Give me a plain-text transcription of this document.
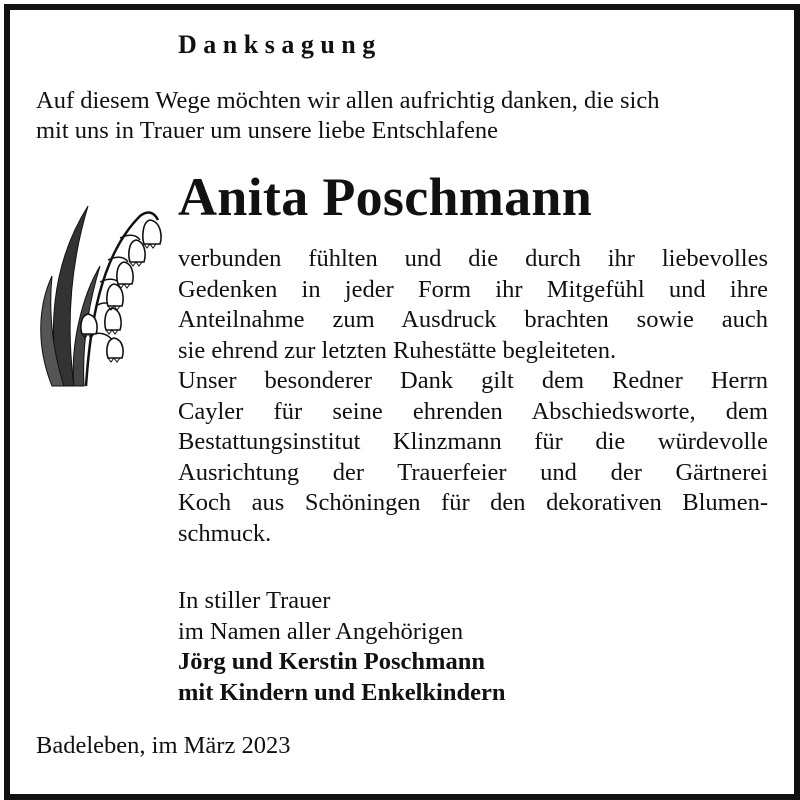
Danksagung
Auf diesem Wege möchten wir allen aufrichtig danken, die sich
mit uns in Trauer um unsere liebe Entschlafene
Anita Poschmann
verbunden fühlten und die durch ihr liebevolles
Gedenken in jeder Form ihr Mitgefühl und ihre
Anteilnahme zum Ausdruck brachten sowie auch
sie ehrend zur letzten Ruhestätte begleiteten.
Unser besonderer Dank gilt dem Redner Herrn
Cayler für seine ehrenden Abschiedsworte, dem
Bestattungsinstitut Klinzmann für die würdevolle
Ausrichtung der Trauerfeier und der Gärtnerei
Koch aus Schöningen für den dekorativen Blumen-
schmuck.
In stiller Trauer
im Namen aller Angehörigen
Jörg und Kerstin Poschmann
mit Kindern und Enkelkindern
Badeleben, im März 2023
